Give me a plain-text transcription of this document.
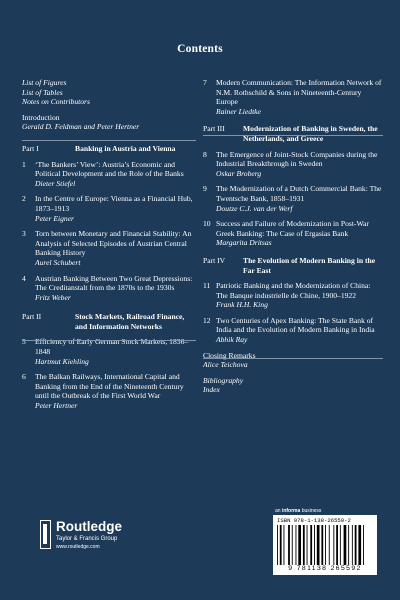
Contents
List of Figures
List of Tables
Notes on Contributors
Introduction
Gerald D. Feldman and Peter Hertner
Part I	Banking in Austria and Vienna
1	‘The Bankers’ View’: Austria’s Economic and Political Development and the Role of the Banks
Dieter Stiefel
2	In the Centre of Europe: Vienna as a Financial Hub, 1873–1913
Peter Eigner
3	Torn between Monetary and Financial Stability: An Analysis of Selected Episodes of Austrian Central Banking History
Aurel Schubert
4	Austrian Banking Between Two Great Depressions: The Creditanstalt from the 1870s to the 1930s
Fritz Weber
Part II	Stock Markets, Railroad Finance, and Information Networks
5	Efficiency of Early German Stock Markets, 1836–1848
Hartmut Kiehling
6	The Balkan Railways, International Capital and Banking from the End of the Nineteenth Century until the Outbreak of the First World War
Peter Hertner
7	Modern Communication: The Information Network of N.M. Rothschild & Sons in Nineteenth-Century Europe
Rainer Liedtke
Part III	Modernization of Banking in Sweden, the Netherlands, and Greece
8	The Emergence of Joint-Stock Companies during the Industrial Breakthrough in Sweden
Oskar Broberg
9	The Modernization of a Dutch Commercial Bank: The Twentsche Bank, 1858–1931
Doutze C.J. van der Werf
10 Success and Failure of Modernization in Post-War Greek Banking: The Case of Ergasias Bank
Margarita Dritsas
Part IV	The Evolution of Modern Banking in the Far East
11 Patriotic Banking and the Modernization of China: The Banque industrielle de Chine, 1900–1922
Frank H.H. King
12 Two Centuries of Apex Banking: The State Bank of India and the Evolution of Modern Banking in India
Abhik Ray
Closing Remarks
Alice Teichova
Bibliography
Index
Routledge
Taylor & Francis Group
www.routledge.com
an informa business
ISBN 978-1-138-26559-2
9 781138 265592
